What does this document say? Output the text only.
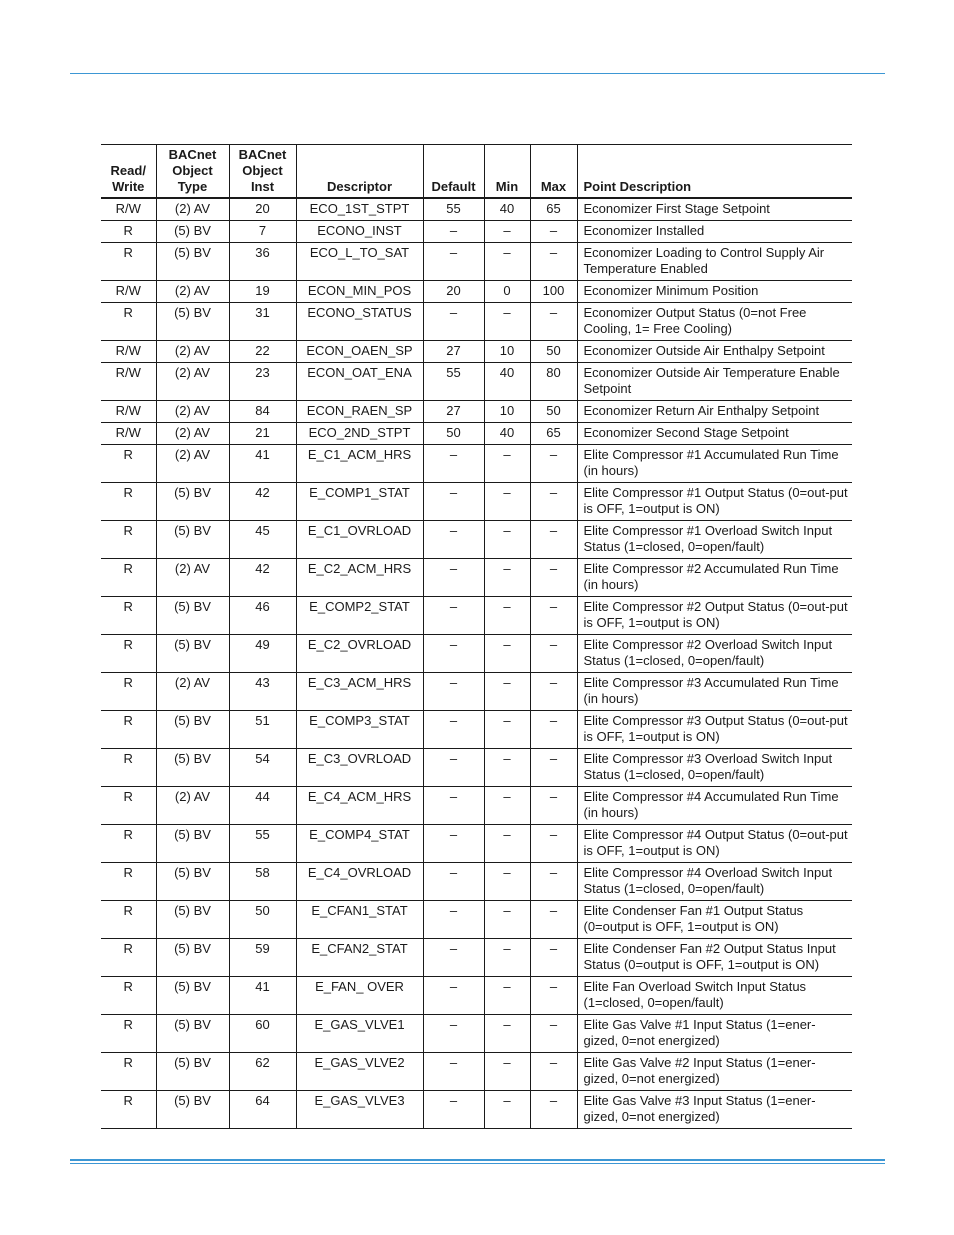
Read/ Write	BACnet Object Type	BACnet Object Inst	Descriptor	Default	Min	Max	Point Description
R/W	(2) AV	20	ECO_1ST_STPT	55	40	65	Economizer First Stage Setpoint
R	(5) BV	7	ECONO_INST	–	–	–	Economizer Installed
R	(5) BV	36	ECO_L_TO_SAT	–	–	–	Economizer Loading to Control Supply Air Temperature Enabled
R/W	(2) AV	19	ECON_MIN_POS	20	0	100	Economizer Minimum Position
R	(5) BV	31	ECONO_STATUS	–	–	–	Economizer Output Status (0=not Free Cooling, 1= Free Cooling)
R/W	(2) AV	22	ECON_OAEN_SP	27	10	50	Economizer Outside Air Enthalpy Setpoint
R/W	(2) AV	23	ECON_OAT_ENA	55	40	80	Economizer Outside Air Temperature Enable Setpoint
R/W	(2) AV	84	ECON_RAEN_SP	27	10	50	Economizer Return Air Enthalpy Setpoint
R/W	(2) AV	21	ECO_2ND_STPT	50	40	65	Economizer Second Stage Setpoint
R	(2) AV	41	E_C1_ACM_HRS	–	–	–	Elite Compressor #1 Accumulated Run Time (in hours)
R	(5) BV	42	E_COMP1_STAT	–	–	–	Elite Compressor #1 Output Status (0=out-put is OFF, 1=output is ON)
R	(5) BV	45	E_C1_OVRLOAD	–	–	–	Elite Compressor #1 Overload Switch Input Status (1=closed, 0=open/fault)
R	(2) AV	42	E_C2_ACM_HRS	–	–	–	Elite Compressor #2 Accumulated Run Time (in hours)
R	(5) BV	46	E_COMP2_STAT	–	–	–	Elite Compressor #2 Output Status (0=out-put is OFF, 1=output is ON)
R	(5) BV	49	E_C2_OVRLOAD	–	–	–	Elite Compressor #2 Overload Switch Input Status (1=closed, 0=open/fault)
R	(2) AV	43	E_C3_ACM_HRS	–	–	–	Elite Compressor #3 Accumulated Run Time (in hours)
R	(5) BV	51	E_COMP3_STAT	–	–	–	Elite Compressor #3 Output Status (0=out-put is OFF, 1=output is ON)
R	(5) BV	54	E_C3_OVRLOAD	–	–	–	Elite Compressor #3 Overload Switch Input Status (1=closed, 0=open/fault)
R	(2) AV	44	E_C4_ACM_HRS	–	–	–	Elite Compressor #4 Accumulated Run Time (in hours)
R	(5) BV	55	E_COMP4_STAT	–	–	–	Elite Compressor #4 Output Status (0=out-put is OFF, 1=output is ON)
R	(5) BV	58	E_C4_OVRLOAD	–	–	–	Elite Compressor #4 Overload Switch Input Status (1=closed, 0=open/fault)
R	(5) BV	50	E_CFAN1_STAT	–	–	–	Elite Condenser Fan #1 Output Status (0=output is OFF, 1=output is ON)
R	(5) BV	59	E_CFAN2_STAT	–	–	–	Elite Condenser Fan #2 Output Status Input Status (0=output is OFF, 1=output is ON)
R	(5) BV	41	E_FAN_ OVER	–	–	–	Elite Fan Overload Switch Input Status (1=closed, 0=open/fault)
R	(5) BV	60	E_GAS_VLVE1	–	–	–	Elite Gas Valve #1 Input Status (1=ener-gized, 0=not energized)
R	(5) BV	62	E_GAS_VLVE2	–	–	–	Elite Gas Valve #2 Input Status (1=ener-gized, 0=not energized)
R	(5) BV	64	E_GAS_VLVE3	–	–	–	Elite Gas Valve #3 Input Status (1=ener-gized, 0=not energized)
